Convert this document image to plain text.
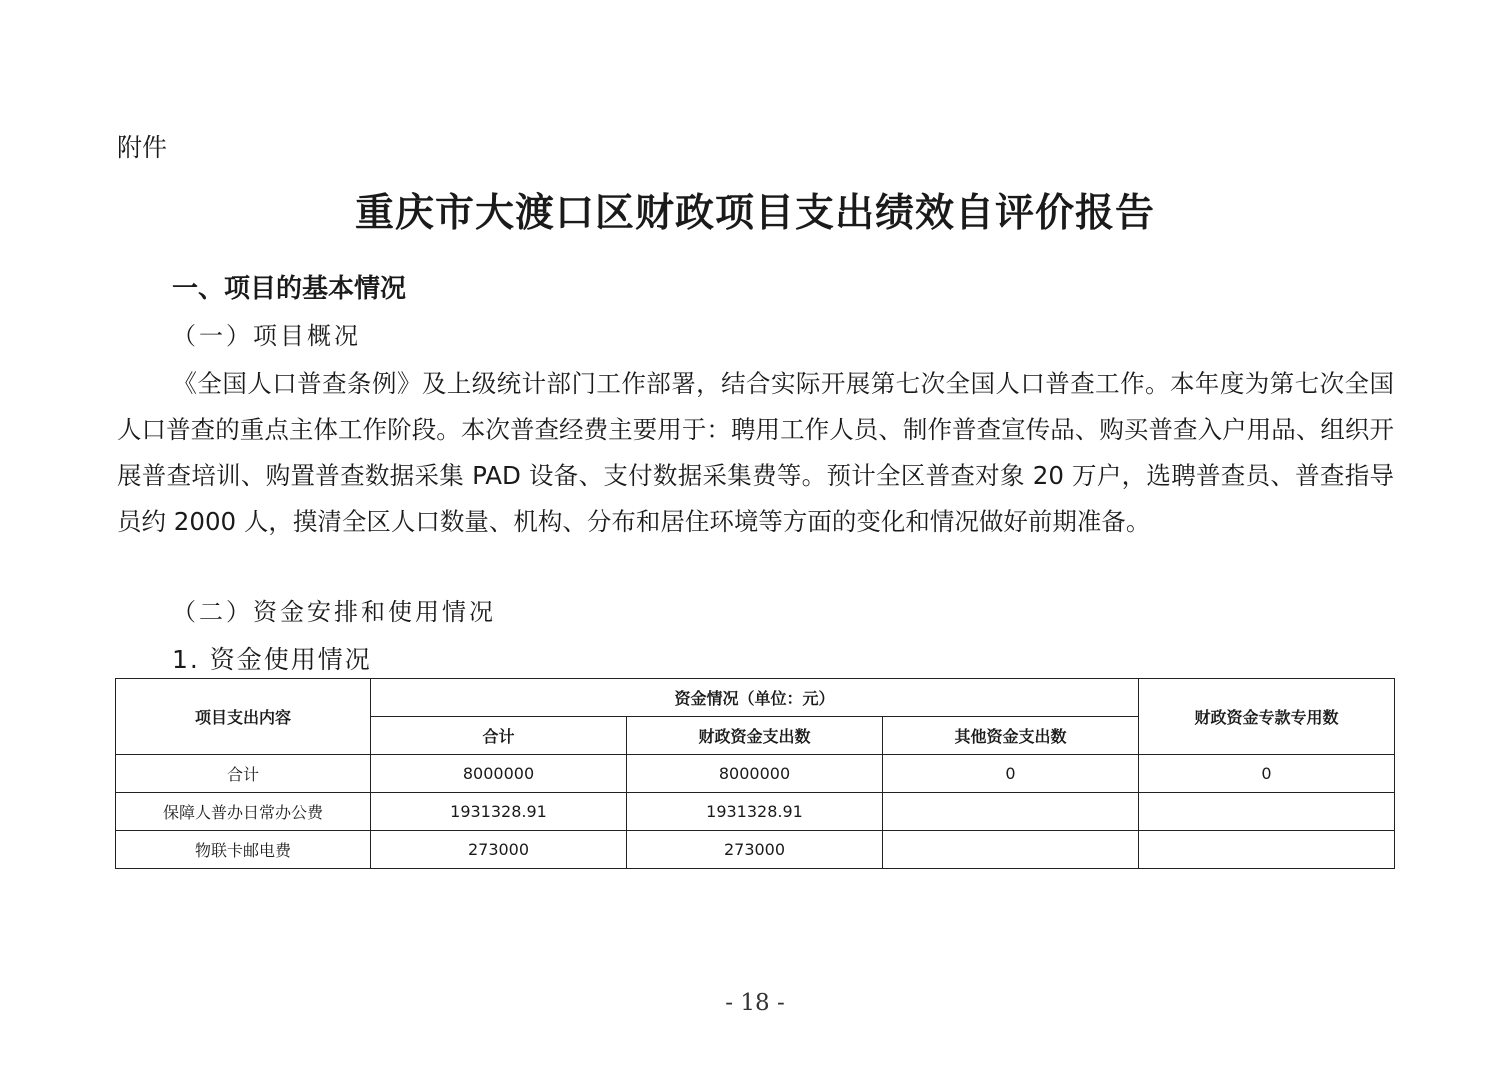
附件
重庆市大渡口区财政项目支出绩效自评价报告
一、项目的基本情况
（一）项目概况
《全国人口普查条例》及上级统计部门工作部署，结合实际开展第七次全国人口普查工作。本年度为第七次全国人口普查的重点主体工作阶段。本次普查经费主要用于：聘用工作人员、制作普查宣传品、购买普查入户用品、组织开展普查培训、购置普查数据采集 PAD 设备、支付数据采集费等。预计全区普查对象 20 万户，选聘普查员、普查指导员约 2000 人，摸清全区人口数量、机构、分布和居住环境等方面的变化和情况做好前期准备。
（二）资金安排和使用情况
1. 资金使用情况
项目支出内容	资金情况（单位：元）			财政资金专款专用数
	合计	财政资金支出数	其他资金支出数	
合计	8000000	8000000	0	0
保障人普办日常办公费	1931328.91	1931328.91		
物联卡邮电费	273000	273000		
- 18 -
